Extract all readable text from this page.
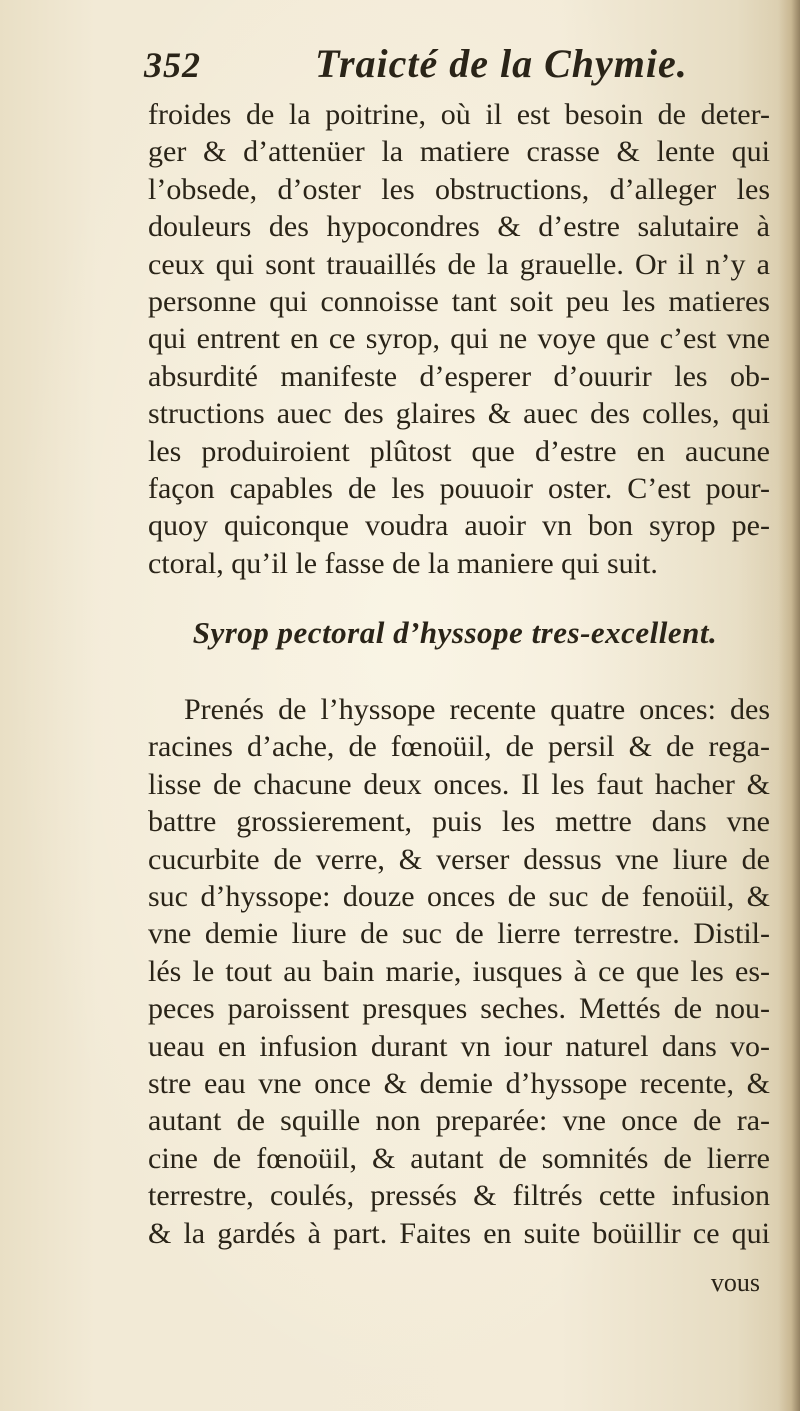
352	Traicté de la Chymie.

froides de la poitrine, où il est besoin de deter-
ger & d’attenüer la matiere crasse & lente qui
l’obsede, d’oster les obstructions, d’alleger les
douleurs des hypocondres & d’estre salutaire à
ceux qui sont trauaillés de la grauelle. Or il n’y a
personne qui connoisse tant soit peu les matieres
qui entrent en ce syrop, qui ne voye que c’est vne
absurdité manifeste d’esperer d’ouurir les ob-
structions auec des glaires & auec des colles, qui
les produiroient plûtost que d’estre en aucune
façon capables de les pouuoir oster. C’est pour-
quoy quiconque voudra auoir vn bon syrop pe-
ctoral, qu’il le fasse de la maniere qui suit.

Syrop pectoral d’hyssope tres-excellent.

Prenés de l’hyssope recente quatre onces: des
racines d’ache, de fœnoüil, de persil & de rega-
lisse de chacune deux onces. Il les faut hacher &
battre grossierement, puis les mettre dans vne
cucurbite de verre, & verser dessus vne liure de
suc d’hyssope: douze onces de suc de fenoüil, &
vne demie liure de suc de lierre terrestre. Distil-
lés le tout au bain marie, iusques à ce que les es-
peces paroissent presques seches. Mettés de nou-
ueau en infusion durant vn iour naturel dans vo-
stre eau vne once & demie d’hyssope recente, &
autant de squille non preparée: vne once de ra-
cine de fœnoüil, & autant de somnités de lierre
terrestre, coulés, pressés & filtrés cette infusion
& la gardés à part. Faites en suite boüillir ce qui

vous
